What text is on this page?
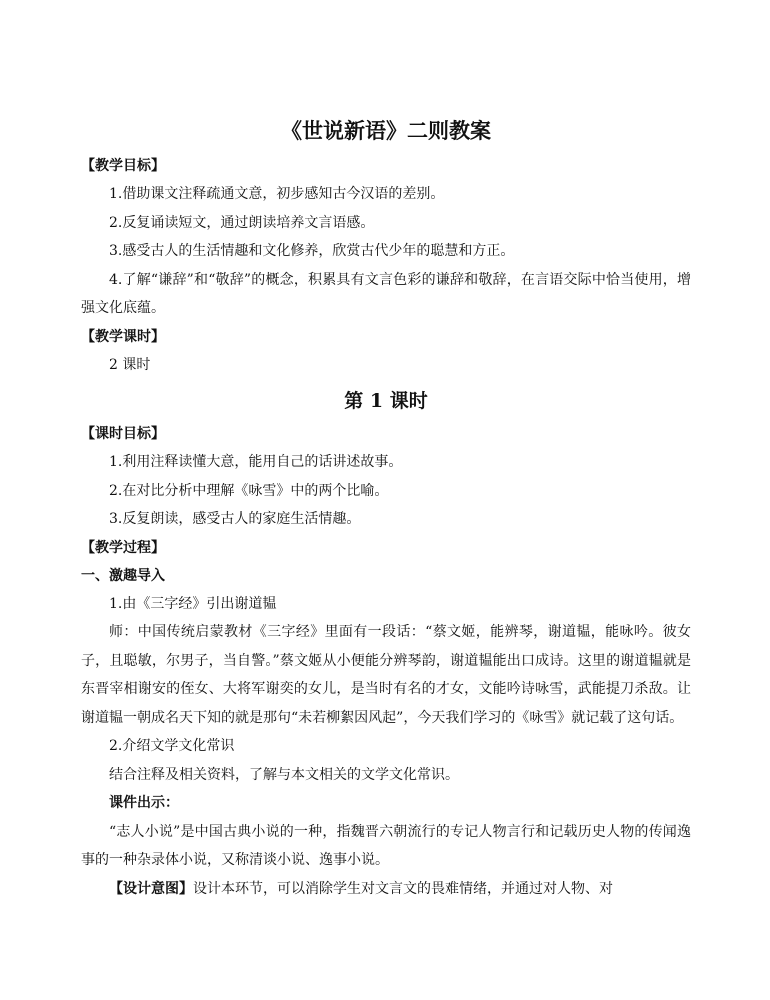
《世说新语》二则教案
【教学目标】

1.借助课文注释疏通文意，初步感知古今汉语的差别。

2.反复诵读短文，通过朗读培养文言语感。

3.感受古人的生活情趣和文化修养，欣赏古代少年的聪慧和方正。

4.了解“谦辞”和“敬辞”的概念，积累具有文言色彩的谦辞和敬辞，在言语交际中恰当使用，增强文化底蕴。

【教学课时】

2 课时

第 1 课时
【课时目标】

1.利用注释读懂大意，能用自己的话讲述故事。

2.在对比分析中理解《咏雪》中的两个比喻。

3.反复朗读，感受古人的家庭生活情趣。

【教学过程】
一、激趣导入

1.由《三字经》引出谢道韫

师：中国传统启蒙教材《三字经》里面有一段话：“蔡文姬，能辨琴，谢道韫，能咏吟。彼女子，且聪敏，尔男子，当自警。”蔡文姬从小便能分辨琴韵，谢道韫能出口成诗。这里的谢道韫就是东晋宰相谢安的侄女、大将军谢奕的女儿，是当时有名的才女，文能吟诗咏雪，武能提刀杀敌。让谢道韫一朝成名天下知的就是那句“未若柳絮因风起”，今天我们学习的《咏雪》就记载了这句话。

2.介绍文学文化常识

结合注释及相关资料，了解与本文相关的文学文化常识。

课件出示：

“志人小说”是中国古典小说的一种，指魏晋六朝流行的专记人物言行和记载历史人物的传闻逸事的一种杂录体小说，又称清谈小说、逸事小说。

【设计意图】设计本环节，可以消除学生对文言文的畏难情绪，并通过对人物、对
